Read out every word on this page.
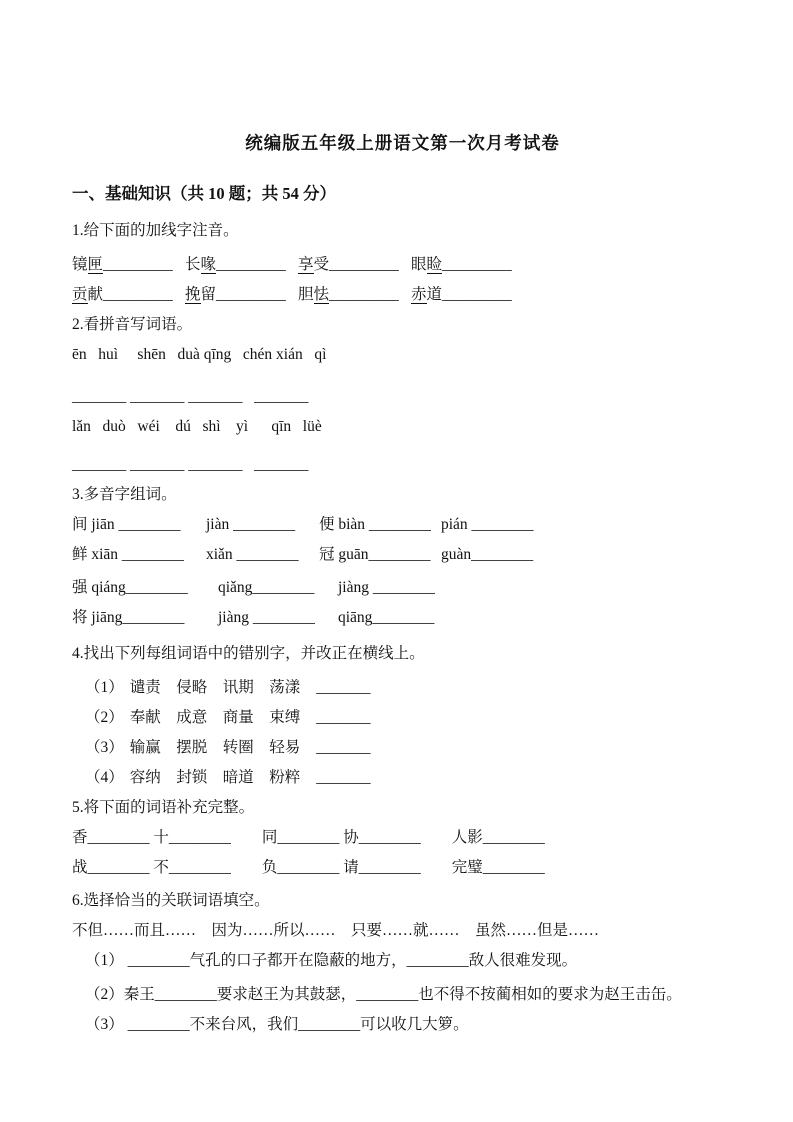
统编版五年级上册语文第一次月考试卷
一、基础知识（共 10 题；共 54 分）
1.给下面的加线字注音。
镜匣_________ 长喙_________ 享受_________ 眼睑_________
贡献_________ 挽留_________ 胆怯_________ 赤道_________
2.看拼音写词语。
ēn   huì     shēn   duà qīng   chén xián   qì
_______ _______ _______   _______
lǎn   duò   wéi    dú   shì    yì      qīn   lüè
_______ _______ _______   _______
3.多音字组词。
间 jiān ________ jiàn ________ 便 biàn ________ pián ________
鲜 xiān ________ xiǎn ________ 冠 guān________ guàn________
强 qiáng________ qiǎng________ jiàng ________
将 jiāng________ jiàng ________ qiāng________
4.找出下列每组词语中的错别字，并改正在横线上。
（1） 谴责　侵略　讯期　荡漾 _______
（2） 奉献　成意　商量　束缚 _______
（3） 输赢　摆脱　转圈　轻易 _______
（4） 容纳　封锁　暗道　粉粹 _______
5.将下面的词语补充完整。
香________ 十________        同________ 协________        人影________
战________ 不________        负________ 请________        完璧________
6.选择恰当的关联词语填空。
不但……而且……    因为……所以……    只要……就……    虽然……但是……
（1） ________气孔的口子都开在隐蔽的地方，________敌人很难发现。
（2）秦王________要求赵王为其鼓瑟，________也不得不按蔺相如的要求为赵王击缶。
（3） ________不来台风，我们________可以收几大箩。
